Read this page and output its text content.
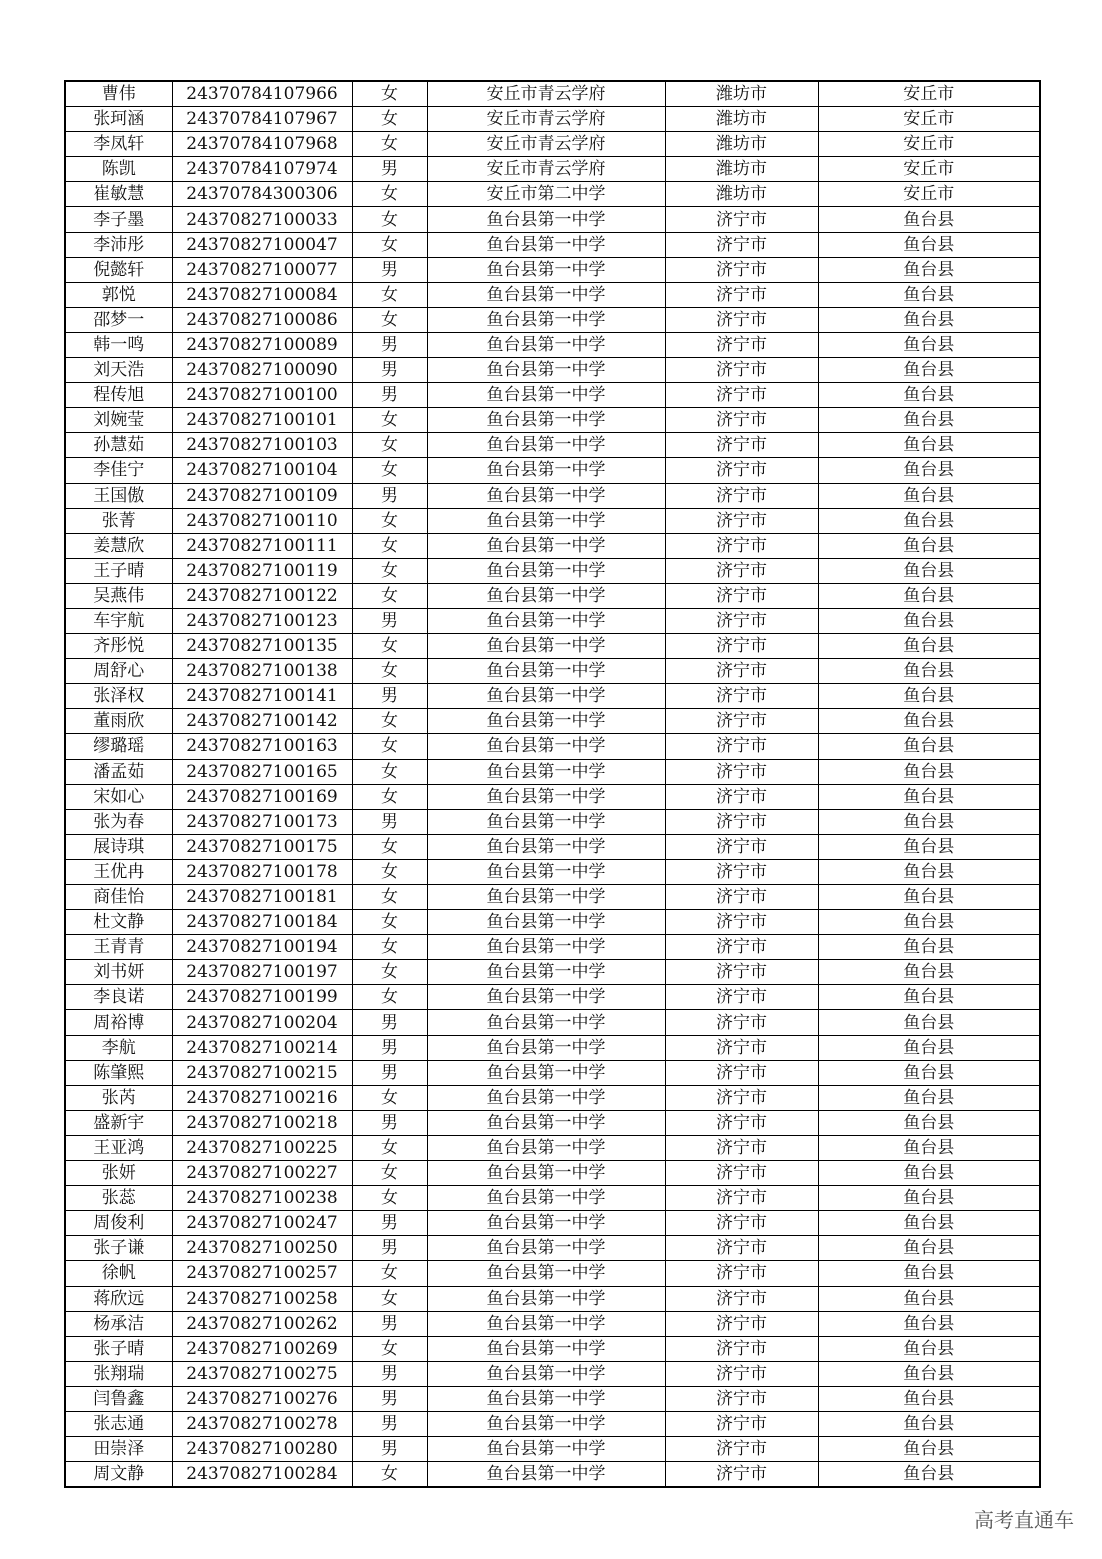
曹伟	24370784107966	女	安丘市青云学府	潍坊市	安丘市
张珂涵	24370784107967	女	安丘市青云学府	潍坊市	安丘市
李凤轩	24370784107968	女	安丘市青云学府	潍坊市	安丘市
陈凯	24370784107974	男	安丘市青云学府	潍坊市	安丘市
崔敏慧	24370784300306	女	安丘市第二中学	潍坊市	安丘市
李子墨	24370827100033	女	鱼台县第一中学	济宁市	鱼台县
李沛彤	24370827100047	女	鱼台县第一中学	济宁市	鱼台县
倪懿轩	24370827100077	男	鱼台县第一中学	济宁市	鱼台县
郭悦	24370827100084	女	鱼台县第一中学	济宁市	鱼台县
邵梦一	24370827100086	女	鱼台县第一中学	济宁市	鱼台县
韩一鸣	24370827100089	男	鱼台县第一中学	济宁市	鱼台县
刘天浩	24370827100090	男	鱼台县第一中学	济宁市	鱼台县
程传旭	24370827100100	男	鱼台县第一中学	济宁市	鱼台县
刘婉莹	24370827100101	女	鱼台县第一中学	济宁市	鱼台县
孙慧茹	24370827100103	女	鱼台县第一中学	济宁市	鱼台县
李佳宁	24370827100104	女	鱼台县第一中学	济宁市	鱼台县
王国傲	24370827100109	男	鱼台县第一中学	济宁市	鱼台县
张菁	24370827100110	女	鱼台县第一中学	济宁市	鱼台县
姜慧欣	24370827100111	女	鱼台县第一中学	济宁市	鱼台县
王子晴	24370827100119	女	鱼台县第一中学	济宁市	鱼台县
吴燕伟	24370827100122	女	鱼台县第一中学	济宁市	鱼台县
车宇航	24370827100123	男	鱼台县第一中学	济宁市	鱼台县
齐彤悦	24370827100135	女	鱼台县第一中学	济宁市	鱼台县
周舒心	24370827100138	女	鱼台县第一中学	济宁市	鱼台县
张泽权	24370827100141	男	鱼台县第一中学	济宁市	鱼台县
董雨欣	24370827100142	女	鱼台县第一中学	济宁市	鱼台县
缪璐瑶	24370827100163	女	鱼台县第一中学	济宁市	鱼台县
潘孟茹	24370827100165	女	鱼台县第一中学	济宁市	鱼台县
宋如心	24370827100169	女	鱼台县第一中学	济宁市	鱼台县
张为春	24370827100173	男	鱼台县第一中学	济宁市	鱼台县
展诗琪	24370827100175	女	鱼台县第一中学	济宁市	鱼台县
王优冉	24370827100178	女	鱼台县第一中学	济宁市	鱼台县
商佳怡	24370827100181	女	鱼台县第一中学	济宁市	鱼台县
杜文静	24370827100184	女	鱼台县第一中学	济宁市	鱼台县
王青青	24370827100194	女	鱼台县第一中学	济宁市	鱼台县
刘书妍	24370827100197	女	鱼台县第一中学	济宁市	鱼台县
李良诺	24370827100199	女	鱼台县第一中学	济宁市	鱼台县
周裕博	24370827100204	男	鱼台县第一中学	济宁市	鱼台县
李航	24370827100214	男	鱼台县第一中学	济宁市	鱼台县
陈肇熙	24370827100215	男	鱼台县第一中学	济宁市	鱼台县
张芮	24370827100216	女	鱼台县第一中学	济宁市	鱼台县
盛新宇	24370827100218	男	鱼台县第一中学	济宁市	鱼台县
王亚鸿	24370827100225	女	鱼台县第一中学	济宁市	鱼台县
张妍	24370827100227	女	鱼台县第一中学	济宁市	鱼台县
张蕊	24370827100238	女	鱼台县第一中学	济宁市	鱼台县
周俊利	24370827100247	男	鱼台县第一中学	济宁市	鱼台县
张子谦	24370827100250	男	鱼台县第一中学	济宁市	鱼台县
徐帆	24370827100257	女	鱼台县第一中学	济宁市	鱼台县
蒋欣远	24370827100258	女	鱼台县第一中学	济宁市	鱼台县
杨承洁	24370827100262	男	鱼台县第一中学	济宁市	鱼台县
张子晴	24370827100269	女	鱼台县第一中学	济宁市	鱼台县
张翔瑞	24370827100275	男	鱼台县第一中学	济宁市	鱼台县
闫鲁鑫	24370827100276	男	鱼台县第一中学	济宁市	鱼台县
张志通	24370827100278	男	鱼台县第一中学	济宁市	鱼台县
田崇泽	24370827100280	男	鱼台县第一中学	济宁市	鱼台县
周文静	24370827100284	女	鱼台县第一中学	济宁市	鱼台县
高考直通车
